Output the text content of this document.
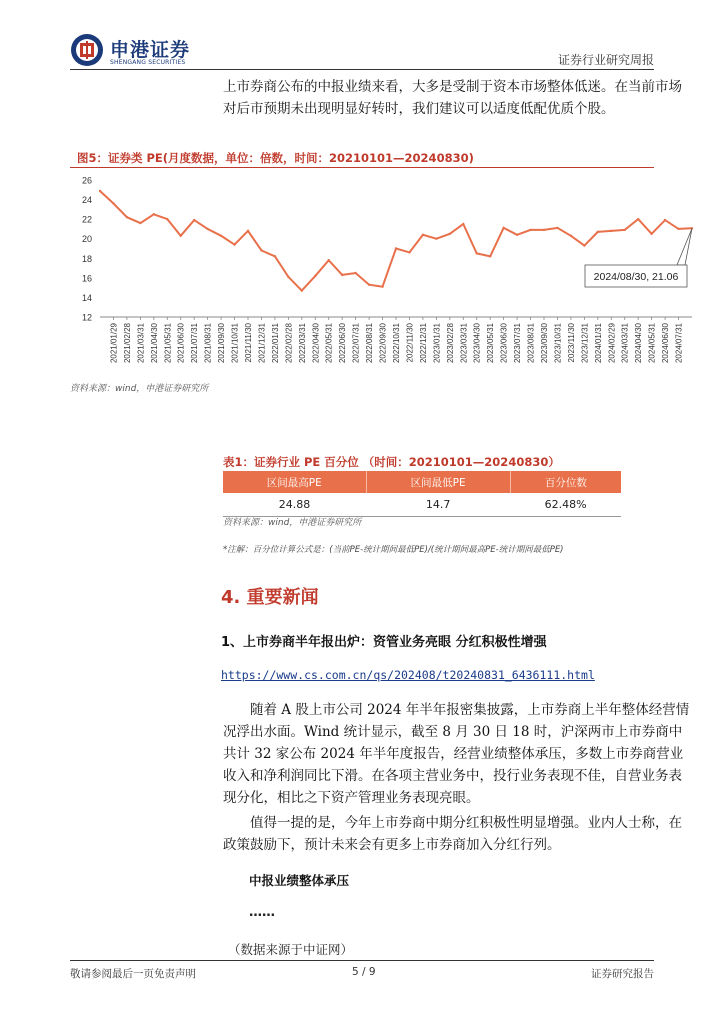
申港证券
SHENGANG SECURITIES	证券行业研究周报
上市券商公布的中报业绩来看，大多是受制于资本市场整体低迷。在当前市场对后市预期未出现明显好转时，我们建议可以适度低配优质个股。
图5：证券类 PE(月度数据，单位：倍数，时间：20210101—20240830)
12
14
16
18
20
22
24
26
2021/01/29 2021/02/28 2021/03/31 2021/04/30 2021/05/31 2021/06/30 2021/07/31 2021/08/31 2021/09/30 2021/10/31 2021/11/30 2021/12/31 2022/01/31 2022/02/28 2022/03/31 2022/04/30 2022/05/31 2022/06/30 2022/07/31 2022/08/31 2022/09/30 2022/10/31 2022/11/30 2022/12/31 2023/01/31 2023/02/28 2023/03/31 2023/04/30 2023/05/31 2023/06/30 2023/07/31 2023/08/31 2023/09/30 2023/10/31 2023/11/30 2023/12/31 2024/01/31 2024/02/29 2024/03/31 2024/04/30 2024/05/31 2024/06/30 2024/07/31
2024/08/30, 21.06
资料来源：wind，申港证券研究所
表1：证券行业 PE 百分位 （时间：20210101—20240830）
区间最高PE	区间最低PE	百分位数
24.88	14.7	62.48%
资料来源：wind，申港证券研究所
*注解：百分位计算公式是：(当前PE-统计期间最低PE)/(统计期间最高PE-统计期间最低PE)
4. 重要新闻
1、上市券商半年报出炉：资管业务亮眼 分红积极性增强
https://www.cs.com.cn/qs/202408/t20240831_6436111.html
随着 A 股上市公司 2024 年半年报密集披露，上市券商上半年整体经营情况浮出水面。Wind 统计显示，截至 8 月 30 日 18 时，沪深两市上市券商中共计 32 家公布 2024 年半年度报告，经营业绩整体承压，多数上市券商营业收入和净利润同比下滑。在各项主营业务中，投行业务表现不佳，自营业务表现分化，相比之下资产管理业务表现亮眼。
值得一提的是，今年上市券商中期分红积极性明显增强。业内人士称，在政策鼓励下，预计未来会有更多上市券商加入分红行列。
中报业绩整体承压
……
（数据来源于中证网）
敬请参阅最后一页免责声明	5 / 9	证券研究报告
